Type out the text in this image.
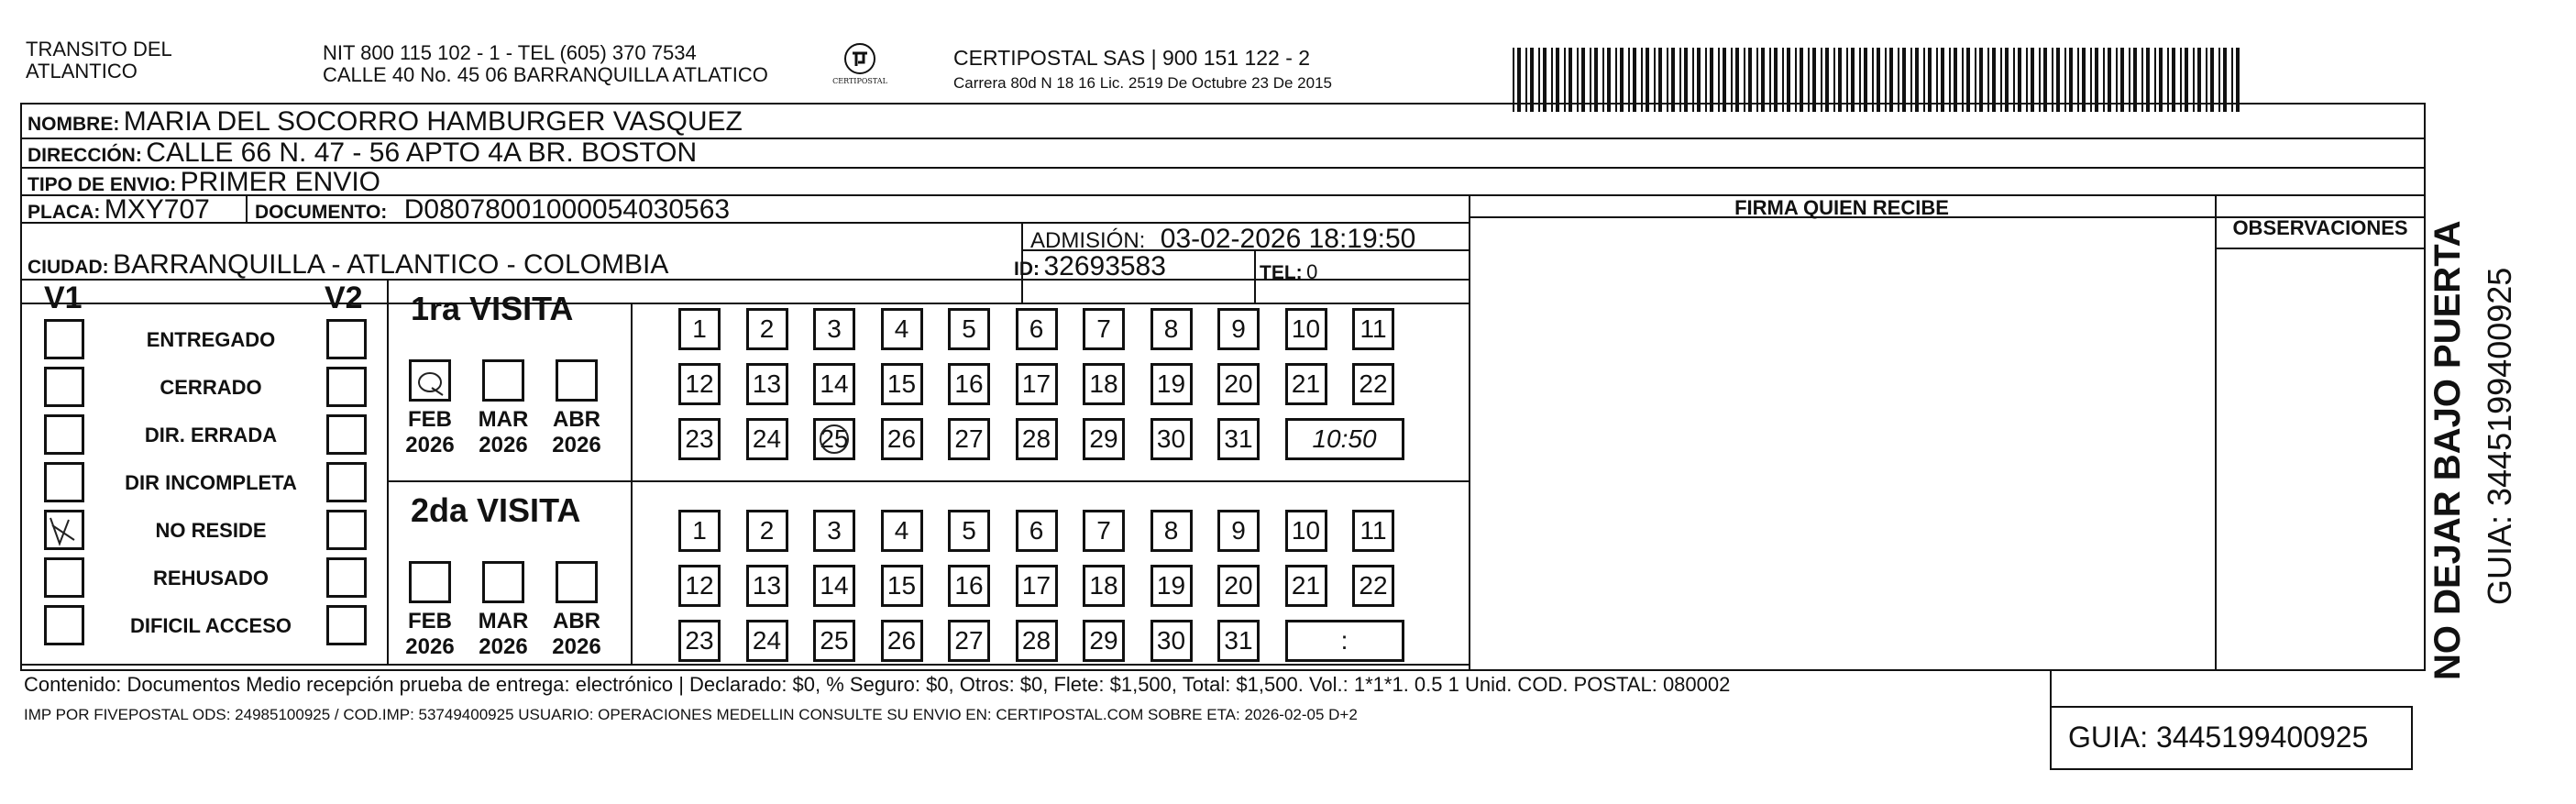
TRANSITO DEL
ATLANTICO
NIT 800 115 102 - 1 - TEL (605) 370 7534
CALLE 40 No. 45 06 BARRANQUILLA ATLATICO	CERTIPOSTAL
CERTIPOSTAL SAS | 900 151 122 - 2
Carrera 80d N 18 16 Lic. 2519 De Octubre 23 De 2015
NOMBRE: MARIA DEL SOCORRO HAMBURGER VASQUEZ
DIRECCIÓN: CALLE 66 N. 47 - 56 APTO 4A BR. BOSTON
TIPO DE ENVIO: PRIMER ENVIO
PLACA: MXY707 DOCUMENTO: D08078001000054030563
ADMISIÓN: 03-02-2026 18:19:50
CIUDAD: BARRANQUILLA - ATLANTICO - COLOMBIA	ID: 32693583	TEL: 0
FIRMA QUIEN RECIBE
OBSERVACIONES
V1	V2
ENTREGADO
CERRADO
DIR. ERRADA
DIR INCOMPLETA
NO RESIDE
REHUSADO
DIFICIL ACCESO
1ra VISITA
FEB
2026
MAR
2026
ABR
2026
1 2 3 4 5 6 7 8 9 10 11
12 13 14 15 16 17 18 19 20 21 22
23 24 25 26 27 28 29 30 31 10:50
2da VISITA
FEB
2026
MAR
2026
ABR
2026
1 2 3 4 5 6 7 8 9 10 11
12 13 14 15 16 17 18 19 20 21 22
23 24 25 26 27 28 29 30 31	:
Contenido: Documentos Medio recepción prueba de entrega: electrónico | Declarado: $0, % Seguro: $0, Otros: $0, Flete: $1,500, Total: $1,500. Vol.: 1*1*1. 0.5 1 Unid. COD. POSTAL: 080002
IMP POR FIVEPOSTAL ODS: 24985100925 / COD.IMP: 53749400925 USUARIO: OPERACIONES MEDELLIN CONSULTE SU ENVIO EN: CERTIPOSTAL.COM SOBRE ETA: 2026-02-05 D+2
GUIA: 3445199400925
NO DEJAR BAJO PUERTA GUIA: 3445199400925
